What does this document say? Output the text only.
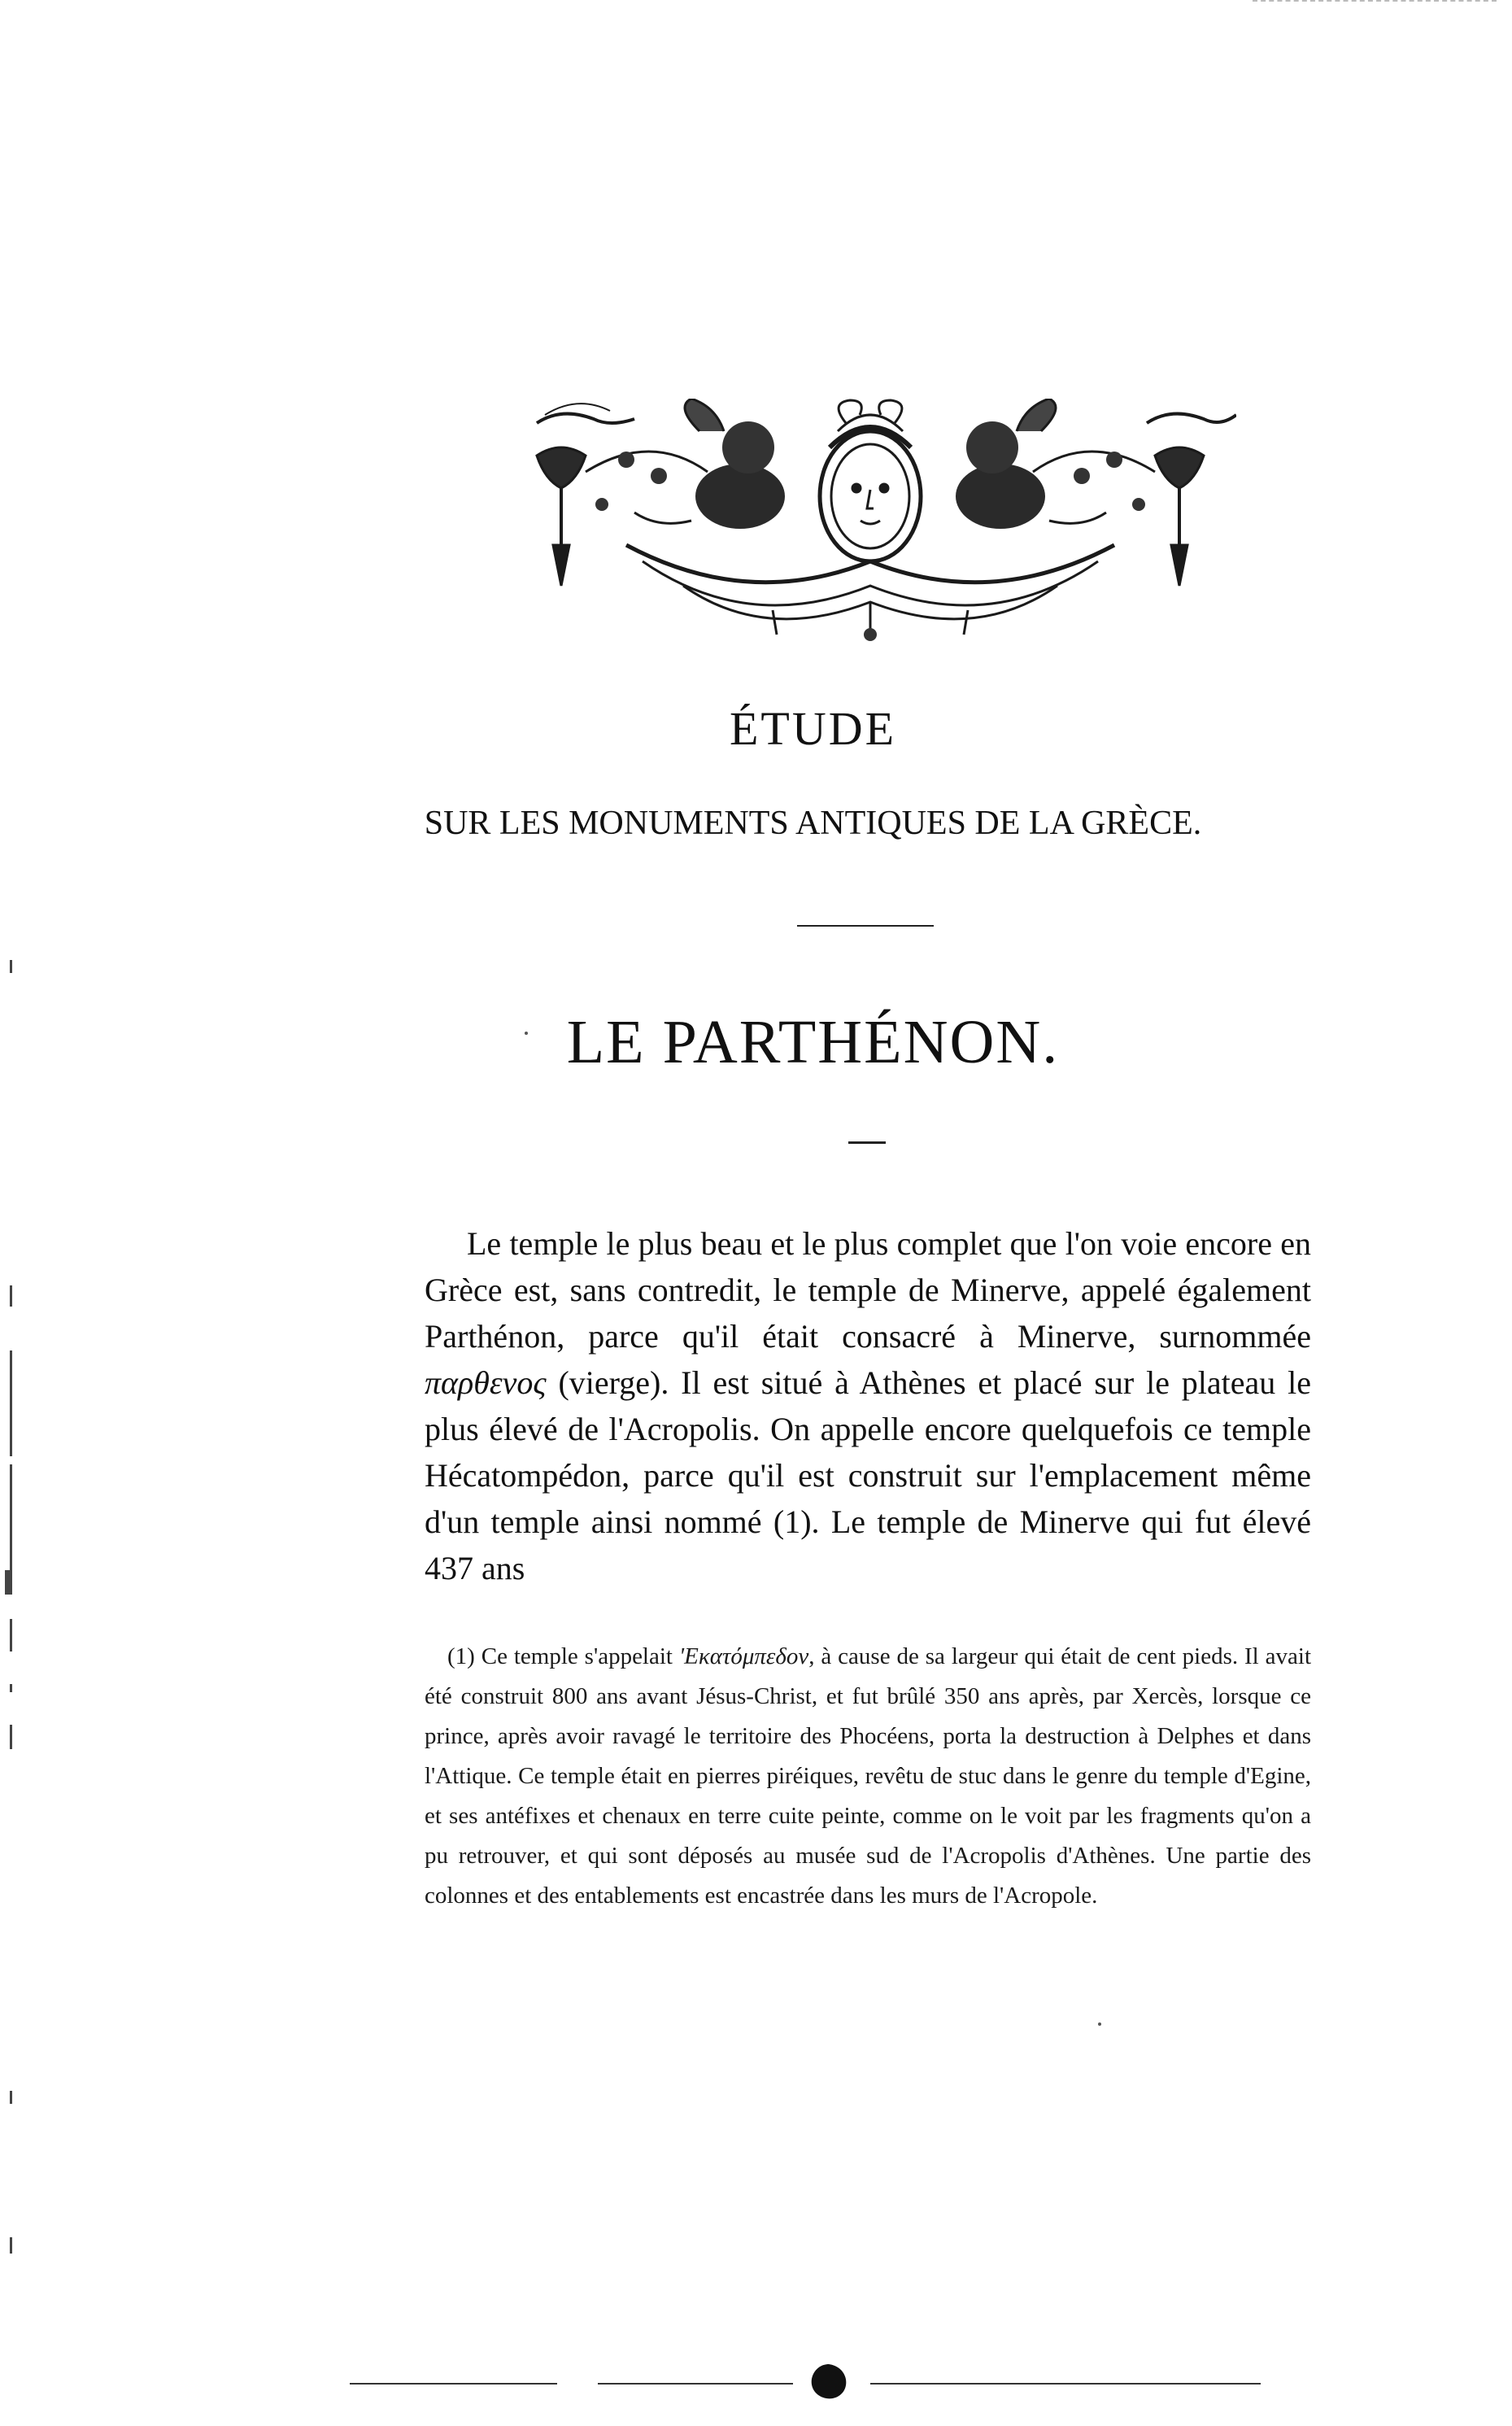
ÉTUDE
SUR LES MONUMENTS ANTIQUES DE LA GRÈCE.
LE PARTHÉNON.

Le temple le plus beau et le plus complet que l'on voie encore en Grèce est, sans contredit, le temple de Minerve, appelé également Parthénon, parce qu'il était consacré à Minerve, surnommée παρθενος (vierge). Il est situé à Athènes et placé sur le plateau le plus élevé de l'Acropolis. On appelle encore quelquefois ce temple Hécatompédon, parce qu'il est construit sur l'emplacement même d'un temple ainsi nommé (1). Le temple de Minerve qui fut élevé 437 ans

(1) Ce temple s'appelait 'Εκατόμπεδον, à cause de sa largeur qui était de cent pieds. Il avait été construit 800 ans avant Jésus-Christ, et fut brûlé 350 ans après, par Xercès, lorsque ce prince, après avoir ravagé le territoire des Phocéens, porta la destruction à Delphes et dans l'Attique. Ce temple était en pierres piréiques, revêtu de stuc dans le genre du temple d'Egine, et ses antéfixes et chenaux en terre cuite peinte, comme on le voit par les fragments qu'on a pu retrouver, et qui sont déposés au musée sud de l'Acropolis d'Athènes. Une partie des colonnes et des entablements est encastrée dans les murs de l'Acropole.
